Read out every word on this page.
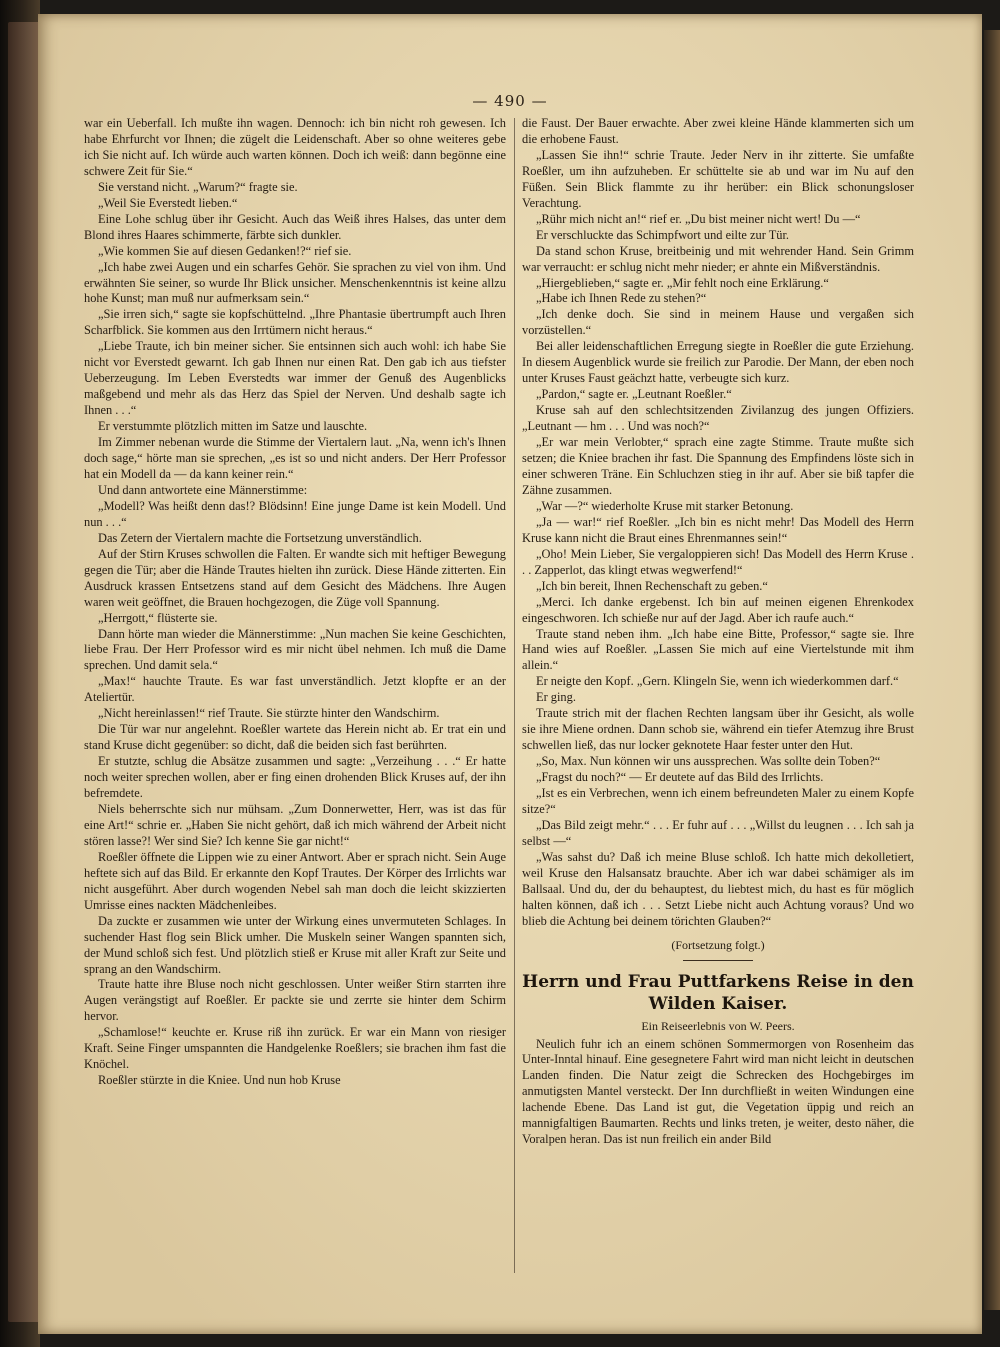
— 490 —

war ein Ueberfall. Ich mußte ihn wagen. Dennoch: ich bin nicht roh gewesen. Ich habe Ehrfurcht vor Ihnen; die zügelt die Leidenschaft. Aber so ohne weiteres gebe ich Sie nicht auf. Ich würde auch warten können. Doch ich weiß: dann begönne eine schwere Zeit für Sie.“

Sie verstand nicht. „Warum?“ fragte sie.

„Weil Sie Everstedt lieben.“

Eine Lohe schlug über ihr Gesicht. Auch das Weiß ihres Halses, das unter dem Blond ihres Haares schimmerte, färbte sich dunkler.

„Wie kommen Sie auf diesen Gedanken!?“ rief sie.

„Ich habe zwei Augen und ein scharfes Gehör. Sie sprachen zu viel von ihm. Und erwähnten Sie seiner, so wurde Ihr Blick unsicher. Menschenkenntnis ist keine allzu hohe Kunst; man muß nur aufmerksam sein.“

„Sie irren sich,“ sagte sie kopfschüttelnd. „Ihre Phantasie übertrumpft auch Ihren Scharfblick. Sie kommen aus den Irrtümern nicht heraus.“

„Liebe Traute, ich bin meiner sicher. Sie entsinnen sich auch wohl: ich habe Sie nicht vor Everstedt gewarnt. Ich gab Ihnen nur einen Rat. Den gab ich aus tiefster Ueberzeugung. Im Leben Everstedts war immer der Genuß des Augenblicks maßgebend und mehr als das Herz das Spiel der Nerven. Und deshalb sagte ich Ihnen . . .“

Er verstummte plötzlich mitten im Satze und lauschte.

Im Zimmer nebenan wurde die Stimme der Viertalern laut. „Na, wenn ich's Ihnen doch sage,“ hörte man sie sprechen, „es ist so und nicht anders. Der Herr Professor hat ein Modell da — da kann keiner rein.“

Und dann antwortete eine Männerstimme:

„Modell? Was heißt denn das!? Blödsinn! Eine junge Dame ist kein Modell. Und nun . . .“

Das Zetern der Viertalern machte die Fortsetzung unverständlich.

Auf der Stirn Kruses schwollen die Falten. Er wandte sich mit heftiger Bewegung gegen die Tür; aber die Hände Trautes hielten ihn zurück. Diese Hände zitterten. Ein Ausdruck krassen Entsetzens stand auf dem Gesicht des Mädchens. Ihre Augen waren weit geöffnet, die Brauen hochgezogen, die Züge voll Spannung.

„Herrgott,“ flüsterte sie.

Dann hörte man wieder die Männerstimme: „Nun machen Sie keine Geschichten, liebe Frau. Der Herr Professor wird es mir nicht übel nehmen. Ich muß die Dame sprechen. Und damit sela.“

„Max!“ hauchte Traute. Es war fast unverständlich. Jetzt klopfte er an der Ateliertür.

„Nicht hereinlassen!“ rief Traute. Sie stürzte hinter den Wandschirm.

Die Tür war nur angelehnt. Roeßler wartete das Herein nicht ab. Er trat ein und stand Kruse dicht gegenüber: so dicht, daß die beiden sich fast berührten.

Er stutzte, schlug die Absätze zusammen und sagte: „Verzeihung . . .“ Er hatte noch weiter sprechen wollen, aber er fing einen drohenden Blick Kruses auf, der ihn befremdete.

Niels beherrschte sich nur mühsam. „Zum Donnerwetter, Herr, was ist das für eine Art!“ schrie er. „Haben Sie nicht gehört, daß ich mich während der Arbeit nicht stören lasse?! Wer sind Sie? Ich kenne Sie gar nicht!“

Roeßler öffnete die Lippen wie zu einer Antwort. Aber er sprach nicht. Sein Auge heftete sich auf das Bild. Er erkannte den Kopf Trautes. Der Körper des Irrlichts war nicht ausgeführt. Aber durch wogenden Nebel sah man doch die leicht skizzierten Umrisse eines nackten Mädchenleibes.

Da zuckte er zusammen wie unter der Wirkung eines unvermuteten Schlages. In suchender Hast flog sein Blick umher. Die Muskeln seiner Wangen spannten sich, der Mund schloß sich fest. Und plötzlich stieß er Kruse mit aller Kraft zur Seite und sprang an den Wandschirm.

Traute hatte ihre Bluse noch nicht geschlossen. Unter weißer Stirn starrten ihre Augen verängstigt auf Roeßler. Er packte sie und zerrte sie hinter dem Schirm hervor.

„Schamlose!“ keuchte er. Kruse riß ihn zurück. Er war ein Mann von riesiger Kraft. Seine Finger umspannten die Handgelenke Roeßlers; sie brachen ihm fast die Knöchel.

Roeßler stürzte in die Kniee. Und nun hob Kruse

die Faust. Der Bauer erwachte. Aber zwei kleine Hände klammerten sich um die erhobene Faust.

„Lassen Sie ihn!“ schrie Traute. Jeder Nerv in ihr zitterte. Sie umfaßte Roeßler, um ihn aufzuheben. Er schüttelte sie ab und war im Nu auf den Füßen. Sein Blick flammte zu ihr herüber: ein Blick schonungsloser Verachtung.

„Rühr mich nicht an!“ rief er. „Du bist meiner nicht wert! Du —“

Er verschluckte das Schimpfwort und eilte zur Tür.

Da stand schon Kruse, breitbeinig und mit wehrender Hand. Sein Grimm war verraucht: er schlug nicht mehr nieder; er ahnte ein Mißverständnis.

„Hiergeblieben,“ sagte er. „Mir fehlt noch eine Erklärung.“

„Habe ich Ihnen Rede zu stehen?“

„Ich denke doch. Sie sind in meinem Hause und vergaßen sich vorzüstellen.“

Bei aller leidenschaftlichen Erregung siegte in Roeßler die gute Erziehung. In diesem Augenblick wurde sie freilich zur Parodie. Der Mann, der eben noch unter Kruses Faust geächzt hatte, verbeugte sich kurz.

„Pardon,“ sagte er. „Leutnant Roeßler.“

Kruse sah auf den schlechtsitzenden Zivilanzug des jungen Offiziers. „Leutnant — hm . . . Und was noch?“

„Er war mein Verlobter,“ sprach eine zagte Stimme. Traute mußte sich setzen; die Kniee brachen ihr fast. Die Spannung des Empfindens löste sich in einer schweren Träne. Ein Schluchzen stieg in ihr auf. Aber sie biß tapfer die Zähne zusammen.

„War —?“ wiederholte Kruse mit starker Betonung.

„Ja — war!“ rief Roeßler. „Ich bin es nicht mehr! Das Modell des Herrn Kruse kann nicht die Braut eines Ehrenmannes sein!“

„Oho! Mein Lieber, Sie vergaloppieren sich! Das Modell des Herrn Kruse . . . Zapperlot, das klingt etwas wegwerfend!“

„Ich bin bereit, Ihnen Rechenschaft zu geben.“

„Merci. Ich danke ergebenst. Ich bin auf meinen eigenen Ehrenkodex eingeschworen. Ich schieße nur auf der Jagd. Aber ich raufe auch.“

Traute stand neben ihm. „Ich habe eine Bitte, Professor,“ sagte sie. Ihre Hand wies auf Roeßler. „Lassen Sie mich auf eine Viertelstunde mit ihm allein.“

Er neigte den Kopf. „Gern. Klingeln Sie, wenn ich wiederkommen darf.“

Er ging.

Traute strich mit der flachen Rechten langsam über ihr Gesicht, als wolle sie ihre Miene ordnen. Dann schob sie, während ein tiefer Atemzug ihre Brust schwellen ließ, das nur locker geknotete Haar fester unter den Hut.

„So, Max. Nun können wir uns aussprechen. Was sollte dein Toben?“

„Fragst du noch?“ — Er deutete auf das Bild des Irrlichts.

„Ist es ein Verbrechen, wenn ich einem befreundeten Maler zu einem Kopfe sitze?“

„Das Bild zeigt mehr.“ . . . Er fuhr auf . . . „Willst du leugnen . . . Ich sah ja selbst —“

„Was sahst du? Daß ich meine Bluse schloß. Ich hatte mich dekolletiert, weil Kruse den Halsansatz brauchte. Aber ich war dabei schämiger als im Ballsaal. Und du, der du behauptest, du liebtest mich, du hast es für möglich halten können, daß ich . . . Setzt Liebe nicht auch Achtung voraus? Und wo blieb die Achtung bei deinem törichten Glauben?“

(Fortsetzung folgt.)

Herrn und Frau Puttfarkens Reise in den
Wilden Kaiser.

Ein Reiseerlebnis von W. Peers.

Neulich fuhr ich an einem schönen Sommermorgen von Rosenheim das Unter-Inntal hinauf. Eine gesegnetere Fahrt wird man nicht leicht in deutschen Landen finden. Die Natur zeigt die Schrecken des Hochgebirges im anmutigsten Mantel versteckt. Der Inn durchfließt in weiten Windungen eine lachende Ebene. Das Land ist gut, die Vegetation üppig und reich an mannigfaltigen Baumarten. Rechts und links treten, je weiter, desto näher, die Voralpen heran. Das ist nun freilich ein ander Bild
